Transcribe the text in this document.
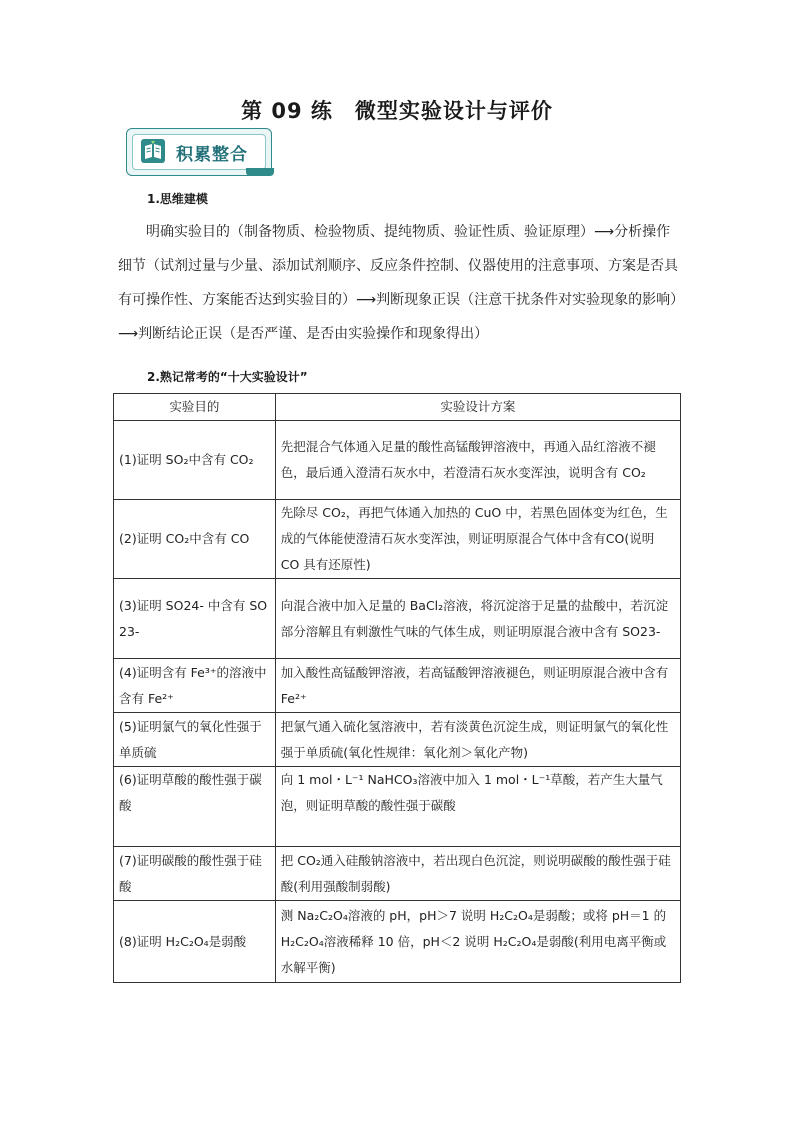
第 09 练 微型实验设计与评价
积累整合
1.思维建模
明确实验目的（制备物质、检验物质、提纯物质、验证性质、验证原理）⟶分析操作细节（试剂过量与少量、添加试剂顺序、反应条件控制、仪器使用的注意事项、方案是否具有可操作性、方案能否达到实验目的）⟶判断现象正误（注意干扰条件对实验现象的影响）⟶判断结论正误（是否严谨、是否由实验操作和现象得出）
2.熟记常考的“十大实验设计”
实验目的	实验设计方案
(1)证明 SO₂中含有 CO₂	先把混合气体通入足量的酸性高锰酸钾溶液中，再通入品红溶液不褪色，最后通入澄清石灰水中，若澄清石灰水变浑浊，说明含有 CO₂
(2)证明 CO₂中含有 CO	先除尽 CO₂，再把气体通入加热的 CuO 中，若黑色固体变为红色，生成的气体能使澄清石灰水变浑浊，则证明原混合气体中含有CO(说明 CO 具有还原性)
(3)证明 SO24- 中含有 SO 23-	向混合液中加入足量的 BaCl₂溶液，将沉淀溶于足量的盐酸中，若沉淀部分溶解且有刺激性气味的气体生成，则证明原混合液中含有 SO23-
(4)证明含有 Fe³⁺的溶液中含有 Fe²⁺	加入酸性高锰酸钾溶液，若高锰酸钾溶液褪色，则证明原混合液中含有 Fe²⁺
(5)证明氯气的氧化性强于单质硫	把氯气通入硫化氢溶液中，若有淡黄色沉淀生成，则证明氯气的氧化性强于单质硫(氧化性规律：氧化剂＞氧化产物)
(6)证明草酸的酸性强于碳酸	向 1 mol・L⁻¹ NaHCO₃溶液中加入 1 mol・L⁻¹草酸，若产生大量气泡，则证明草酸的酸性强于碳酸
(7)证明碳酸的酸性强于硅酸	把 CO₂通入硅酸钠溶液中，若出现白色沉淀，则说明碳酸的酸性强于硅酸(利用强酸制弱酸)
(8)证明 H₂C₂O₄是弱酸	测 Na₂C₂O₄溶液的 pH，pH＞7 说明 H₂C₂O₄是弱酸；或将 pH＝1 的 H₂C₂O₄溶液稀释 10 倍，pH＜2 说明 H₂C₂O₄是弱酸(利用电离平衡或水解平衡)
